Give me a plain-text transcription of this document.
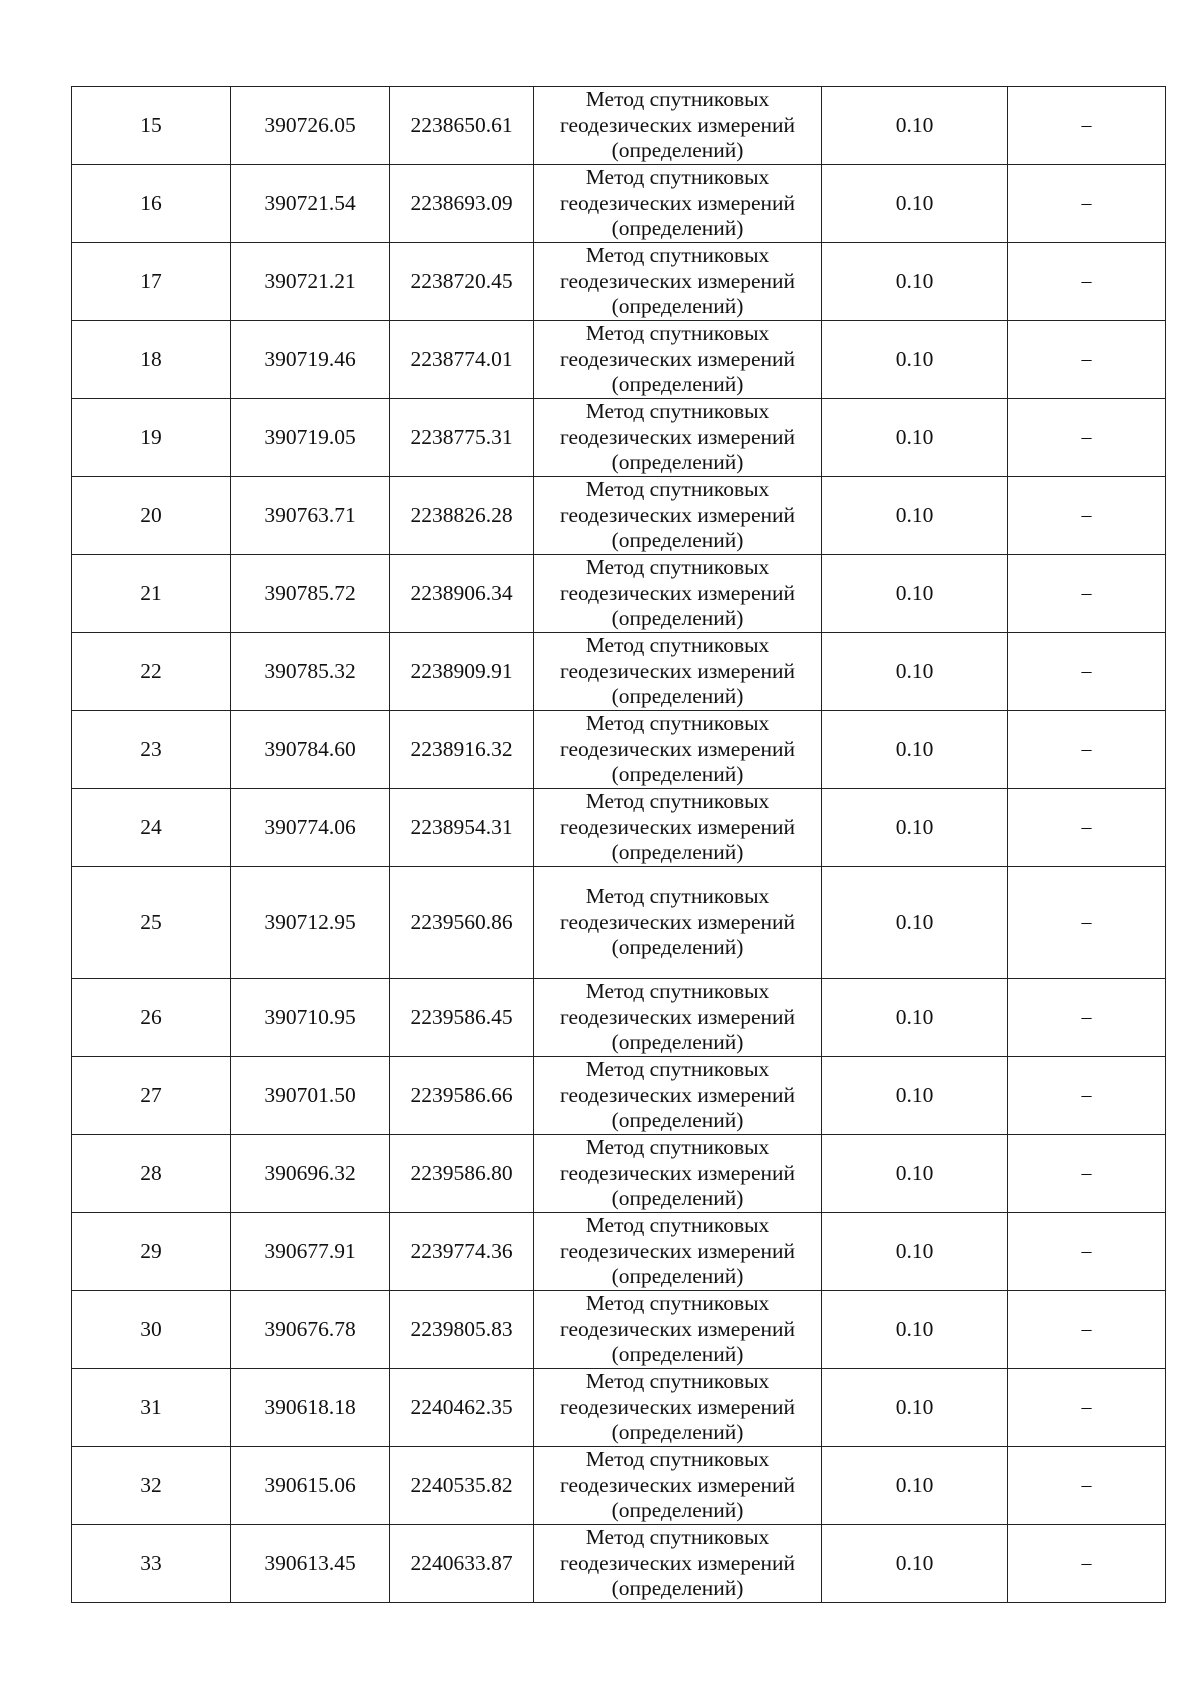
15	390726.05	2238650.61	Метод спутниковых
геодезических измерений
(определений)	0.10	–
16	390721.54	2238693.09	Метод спутниковых
геодезических измерений
(определений)	0.10	–
17	390721.21	2238720.45	Метод спутниковых
геодезических измерений
(определений)	0.10	–
18	390719.46	2238774.01	Метод спутниковых
геодезических измерений
(определений)	0.10	–
19	390719.05	2238775.31	Метод спутниковых
геодезических измерений
(определений)	0.10	–
20	390763.71	2238826.28	Метод спутниковых
геодезических измерений
(определений)	0.10	–
21	390785.72	2238906.34	Метод спутниковых
геодезических измерений
(определений)	0.10	–
22	390785.32	2238909.91	Метод спутниковых
геодезических измерений
(определений)	0.10	–
23	390784.60	2238916.32	Метод спутниковых
геодезических измерений
(определений)	0.10	–
24	390774.06	2238954.31	Метод спутниковых
геодезических измерений
(определений)	0.10	–
25	390712.95	2239560.86	Метод спутниковых
геодезических измерений
(определений)	0.10	–
26	390710.95	2239586.45	Метод спутниковых
геодезических измерений
(определений)	0.10	–
27	390701.50	2239586.66	Метод спутниковых
геодезических измерений
(определений)	0.10	–
28	390696.32	2239586.80	Метод спутниковых
геодезических измерений
(определений)	0.10	–
29	390677.91	2239774.36	Метод спутниковых
геодезических измерений
(определений)	0.10	–
30	390676.78	2239805.83	Метод спутниковых
геодезических измерений
(определений)	0.10	–
31	390618.18	2240462.35	Метод спутниковых
геодезических измерений
(определений)	0.10	–
32	390615.06	2240535.82	Метод спутниковых
геодезических измерений
(определений)	0.10	–
33	390613.45	2240633.87	Метод спутниковых
геодезических измерений
(определений)	0.10	–
